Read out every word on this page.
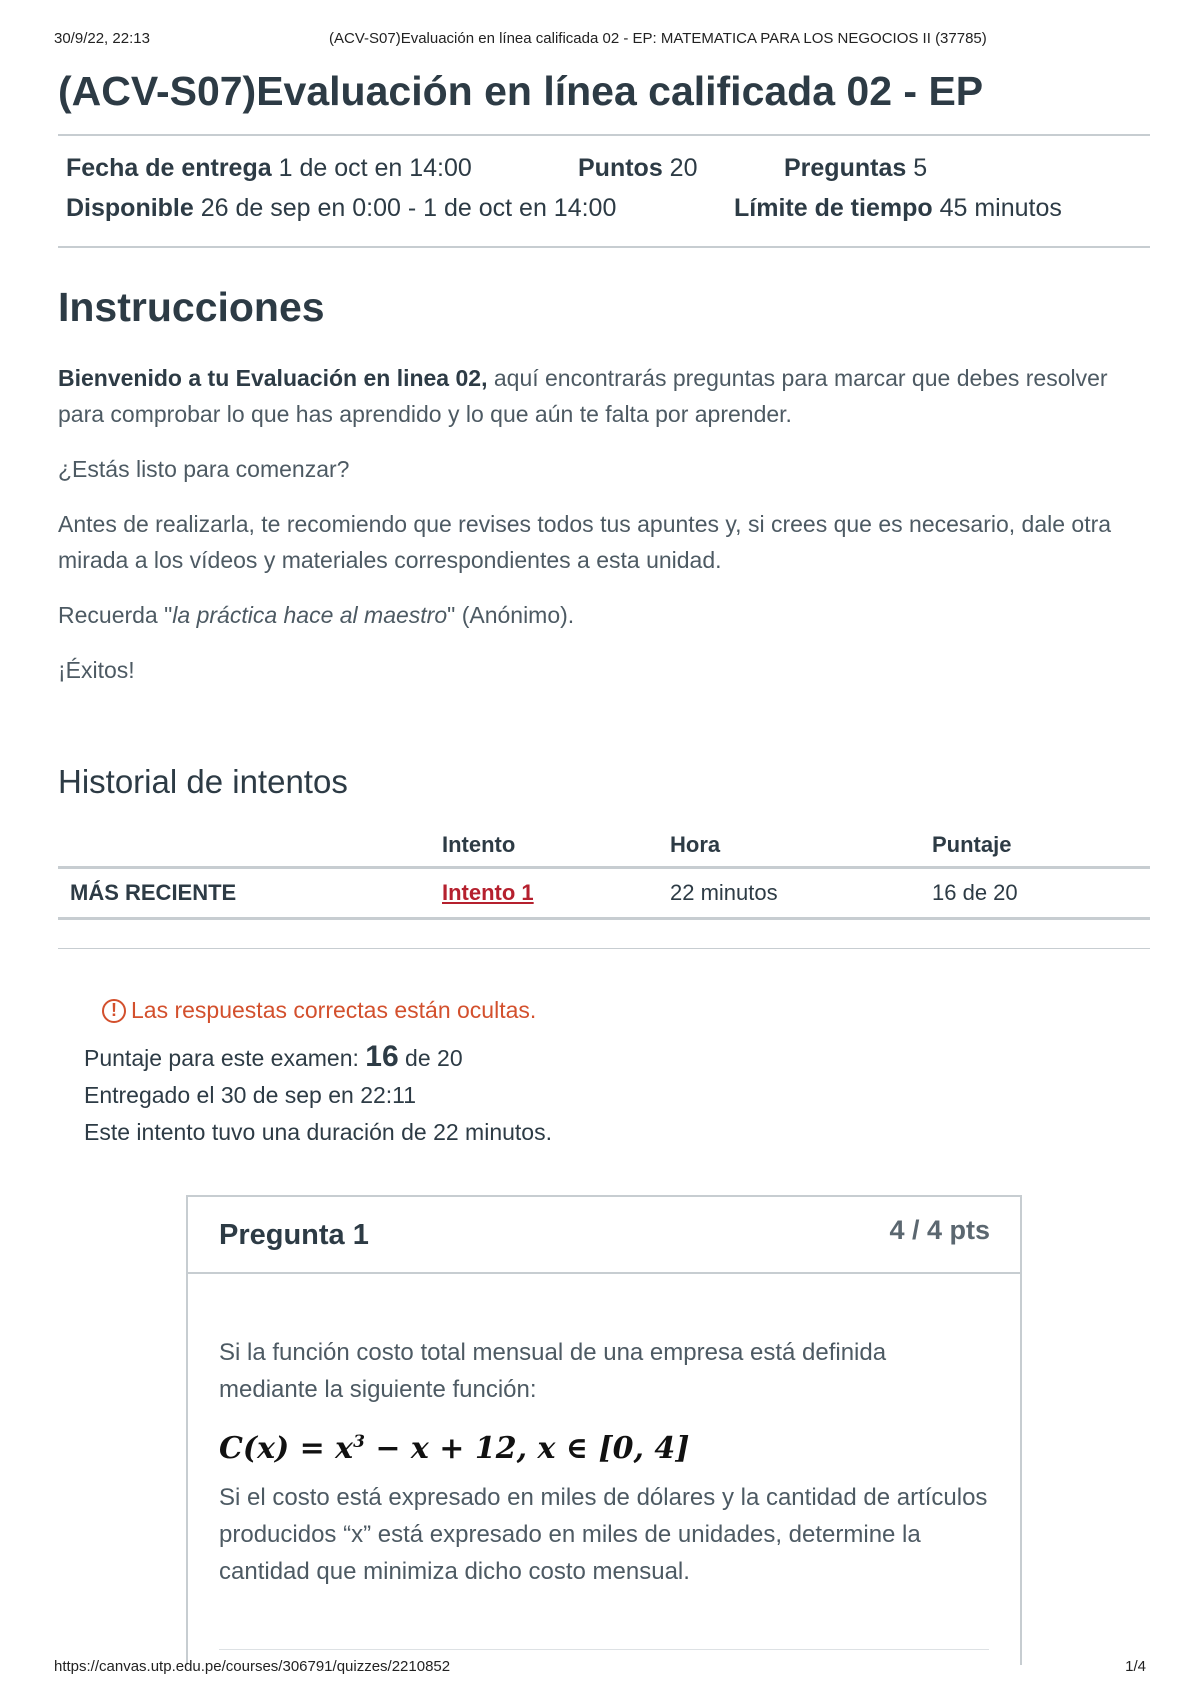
30/9/22, 22:13	(ACV-S07)Evaluación en línea calificada 02 - EP: MATEMATICA PARA LOS NEGOCIOS II (37785)
(ACV-S07)Evaluación en línea calificada 02 - EP
Fecha de entrega 1 de oct en 14:00	Puntos 20	Preguntas 5
Disponible 26 de sep en 0:00 - 1 de oct en 14:00	Límite de tiempo 45 minutos
Instrucciones

Bienvenido a tu Evaluación en linea 02, aquí encontrarás preguntas para marcar que debes resolver para comprobar lo que has aprendido y lo que aún te falta por aprender.

¿Estás listo para comenzar?

Antes de realizarla, te recomiendo que revises todos tus apuntes y, si crees que es necesario, dale otra mirada a los vídeos y materiales correspondientes a esta unidad.

Recuerda "la práctica hace al maestro" (Anónimo).

¡Éxitos!

Historial de intentos
	Intento	Hora	Puntaje
MÁS RECIENTE	Intento 1	22 minutos	16 de 20
! Las respuestas correctas están ocultas.
Puntaje para este examen: 16 de 20
Entregado el 30 de sep en 22:11
Este intento tuvo una duración de 22 minutos.
Pregunta 1	4 / 4 pts

Si la función costo total mensual de una empresa está definida mediante la siguiente función:

$C(x) = x^3 - x + 12$, x ∈ [0, 4]

Si el costo está expresado en miles de dólares y la cantidad de artículos producidos “x” está expresado en miles de unidades, determine la cantidad que minimiza dicho costo mensual.

https://canvas.utp.edu.pe/courses/306791/quizzes/2210852	1/4
